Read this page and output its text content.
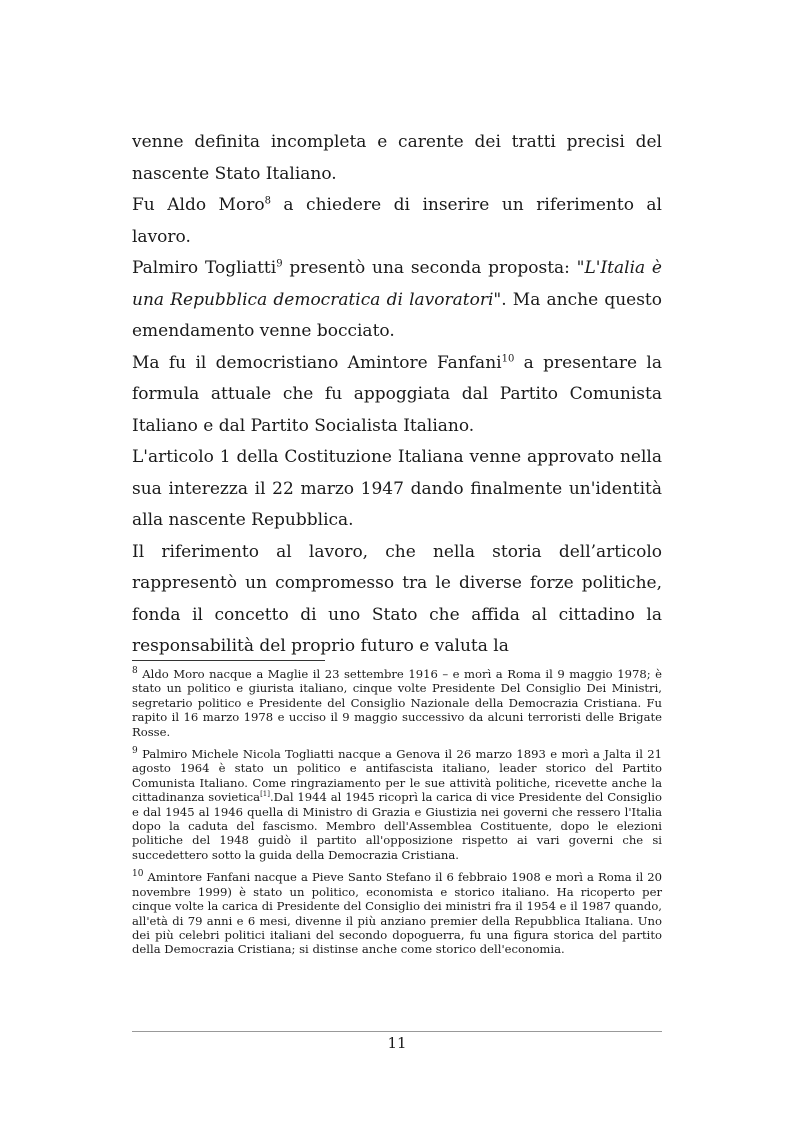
venne definita incompleta e carente dei tratti precisi del nascente Stato Italiano.

Fu Aldo Moro$^8$ a chiedere di inserire un riferimento al lavoro.

Palmiro Togliatti$^9$ presentò una seconda proposta: "L'Italia è una Repubblica democratica di lavoratori". Ma anche questo emendamento venne bocciato.

Ma fu il democristiano Amintore Fanfani$^{10}$ a presentare la formula attuale che fu appoggiata dal Partito Comunista Italiano e dal Partito Socialista Italiano.

L'articolo 1 della Costituzione Italiana venne approvato nella sua interezza il 22 marzo 1947 dando finalmente un'identità alla nascente Repubblica.

Il riferimento al lavoro, che nella storia dell’articolo rappresentò un compromesso tra le diverse forze politiche, fonda il concetto di uno Stato che affida al cittadino la responsabilità del proprio futuro e valuta la

$^8$ Aldo Moro nacque a Maglie il 23 settembre 1916 – e morì a Roma il 9 maggio 1978; è stato un politico e giurista italiano, cinque volte Presidente Del Consiglio Dei Ministri, segretario politico e Presidente del Consiglio Nazionale della Democrazia Cristiana. Fu rapito il 16 marzo 1978 e ucciso il 9 maggio successivo da alcuni terroristi delle Brigate Rosse.

$^9$ Palmiro Michele Nicola Togliatti nacque a Genova il 26 marzo 1893 e morì a Jalta il 21 agosto 1964 è stato un politico e antifascista italiano, leader storico del Partito Comunista Italiano. Come ringraziamento per le sue attività politiche, ricevette anche la cittadinanza sovietica[1].Dal 1944 al 1945 ricoprì la carica di vice Presidente del Consiglio e dal 1945 al 1946 quella di Ministro di Grazia e Giustizia nei governi che ressero l'Italia dopo la caduta del fascismo. Membro dell'Assemblea Costituente, dopo le elezioni politiche del 1948 guidò il partito all'opposizione rispetto ai vari governi che si succedettero sotto la guida della Democrazia Cristiana.

$^{10}$ Amintore Fanfani nacque a Pieve Santo Stefano il 6 febbraio 1908 e morì a Roma il 20 novembre 1999) è stato un politico, economista e storico italiano. Ha ricoperto per cinque volte la carica di Presidente del Consiglio dei ministri fra il 1954 e il 1987 quando, all'età di 79 anni e 6 mesi, divenne il più anziano premier della Repubblica Italiana. Uno dei più celebri politici italiani del secondo dopoguerra, fu una figura storica del partito della Democrazia Cristiana; si distinse anche come storico dell'economia.

11
